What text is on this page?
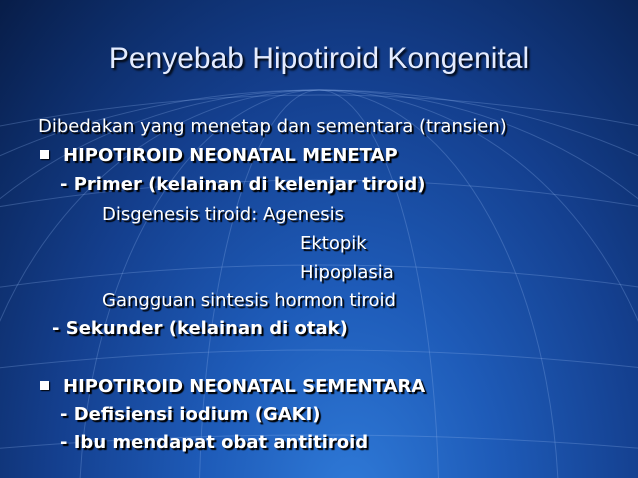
Penyebab Hipotiroid Kongenital
Dibedakan yang menetap dan sementara (transien)
HIPOTIROID NEONATAL MENETAP
- Primer (kelainan di kelenjar tiroid)
Disgenesis tiroid: Agenesis
Ektopik
Hipoplasia
Gangguan sintesis hormon tiroid
- Sekunder (kelainan di otak)
HIPOTIROID NEONATAL SEMENTARA
- Defisiensi iodium (GAKI)
- Ibu mendapat obat antitiroid
